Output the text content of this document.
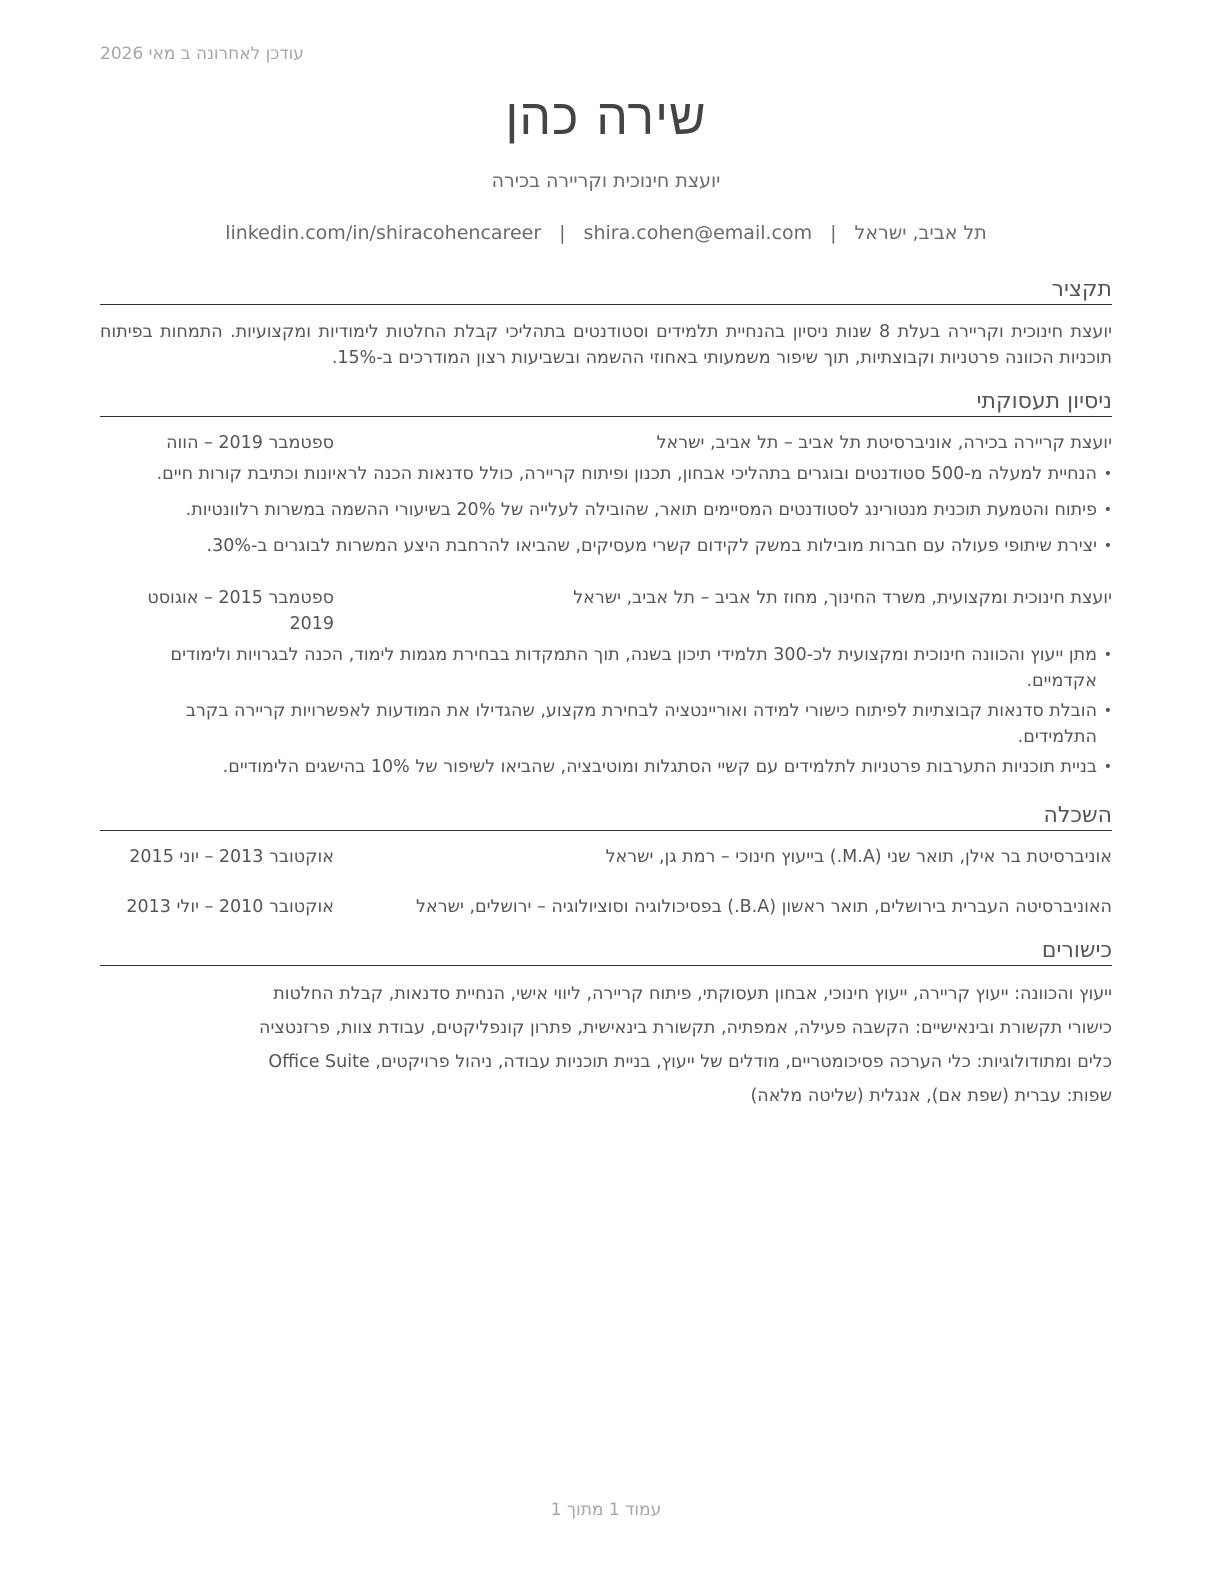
עודכן לאחרונה ב מאי 2026
שירה כהן
יועצת חינוכית וקריירה בכירה
תל אביב, ישראל|shira.cohen@email.com|linkedin.com/in/shiracohencareer
תקציר
יועצת חינוכית וקריירה בעלת 8 שנות ניסיון בהנחיית תלמידים וסטודנטים בתהליכי קבלת החלטות לימודיות ומקצועיות. התמחות בפיתוח תוכניות הכוונה פרטניות וקבוצתיות, תוך שיפור משמעותי באחוזי ההשמה ובשביעות רצון המודרכים ב-15%.
ניסיון תעסוקתי
יועצת קריירה בכירה, אוניברסיטת תל אביב – תל אביב, ישראל
ספטמבר 2019 – הווה
• הנחיית למעלה מ-500 סטודנטים ובוגרים בתהליכי אבחון, תכנון ופיתוח קריירה, כולל סדנאות הכנה לראיונות וכתיבת קורות חיים.
• פיתוח והטמעת תוכנית מנטורינג לסטודנטים המסיימים תואר, שהובילה לעלייה של 20% בשיעורי ההשמה במשרות רלוונטיות.
• יצירת שיתופי פעולה עם חברות מובילות במשק לקידום קשרי מעסיקים, שהביאו להרחבת היצע המשרות לבוגרים ב-30%.
יועצת חינוכית ומקצועית, משרד החינוך, מחוז תל אביב – תל אביב, ישראל
ספטמבר 2015 – אוגוסט 2019
• מתן ייעוץ והכוונה חינוכית ומקצועית לכ-300 תלמידי תיכון בשנה, תוך התמקדות בבחירת מגמות לימוד, הכנה לבגרויות ולימודים אקדמיים.
• הובלת סדנאות קבוצתיות לפיתוח כישורי למידה ואוריינטציה לבחירת מקצוע, שהגדילו את המודעות לאפשרויות קריירה בקרב התלמידים.
• בניית תוכניות התערבות פרטניות לתלמידים עם קשיי הסתגלות ומוטיבציה, שהביאו לשיפור של 10% בהישגים הלימודיים.
השכלה
אוניברסיטת בר אילן, תואר שני (M.A.) בייעוץ חינוכי – רמת גן, ישראל
אוקטובר 2013 – יוני 2015
האוניברסיטה העברית בירושלים, תואר ראשון (B.A.) בפסיכולוגיה וסוציולוגיה – ירושלים, ישראל
אוקטובר 2010 – יולי 2013
כישורים
ייעוץ והכוונה: ייעוץ קריירה, ייעוץ חינוכי, אבחון תעסוקתי, פיתוח קריירה, ליווי אישי, הנחיית סדנאות, קבלת החלטות
כישורי תקשורת ובינאישיים: הקשבה פעילה, אמפתיה, תקשורת בינאישית, פתרון קונפליקטים, עבודת צוות, פרזנטציה
כלים ומתודולוגיות: כלי הערכה פסיכומטריים, מודלים של ייעוץ, בניית תוכניות עבודה, ניהול פרויקטים, Office Suite
שפות: עברית (שפת אם), אנגלית (שליטה מלאה)
עמוד 1 מתוך 1
